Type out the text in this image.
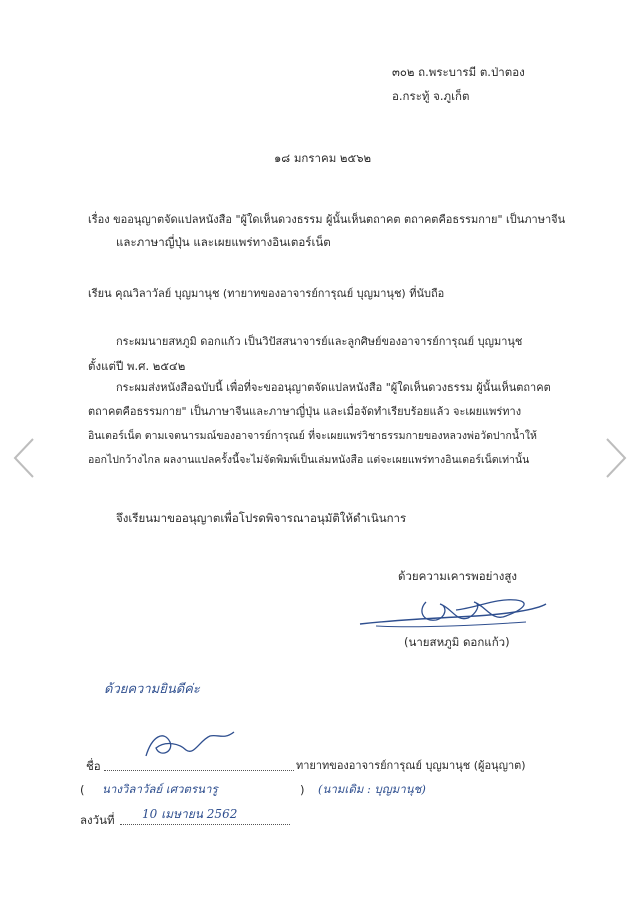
๓๐๒ ถ.พระบารมี ต.ป่าตอง
อ.กระทู้ จ.ภูเก็ต
๑๘ มกราคม ๒๕๖๒
เรื่อง ขออนุญาตจัดแปลหนังสือ "ผู้ใดเห็นดวงธรรม ผู้นั้นเห็นตถาคต ตถาคตคือธรรมกาย" เป็นภาษาจีน
และภาษาญี่ปุ่น และเผยแพร่ทางอินเตอร์เน็ต
เรียน คุณวิลาวัลย์ บุญมานุช (ทายาทของอาจารย์การุณย์ บุญมานุช) ที่นับถือ
กระผมนายสหภูมิ ดอกแก้ว เป็นวิปัสสนาจารย์และลูกศิษย์ของอาจารย์การุณย์ บุญมานุช
ตั้งแต่ปี พ.ศ. ๒๕๔๒
กระผมส่งหนังสือฉบับนี้ เพื่อที่จะขออนุญาตจัดแปลหนังสือ "ผู้ใดเห็นดวงธรรม ผู้นั้นเห็นตถาคต
ตถาคตคือธรรมกาย" เป็นภาษาจีนและภาษาญี่ปุ่น และเมื่อจัดทำเรียบร้อยแล้ว จะเผยแพร่ทาง
อินเตอร์เน็ต ตามเจตนารมณ์ของอาจารย์การุณย์ ที่จะเผยแพร่วิชาธรรมกายของหลวงพ่อวัดปากน้ำให้
ออกไปกว้างไกล ผลงานแปลครั้งนี้จะไม่จัดพิมพ์เป็นเล่มหนังสือ แต่จะเผยแพร่ทางอินเตอร์เน็ตเท่านั้น
จึงเรียนมาขออนุญาตเพื่อโปรดพิจารณาอนุมัติให้ดำเนินการ
ด้วยความเคารพอย่างสูง
(นายสหภูมิ ดอกแก้ว)
ด้วยความยินดีค่ะ
ชื่อ	ทายาทของอาจารย์การุณย์ บุญมานุช (ผู้อนุญาต)
( นางวิลาวัลย์ เศวตรนารู	) (นามเดิม : บุญมานุช)
ลงวันที่ 10 เมษายน 2562
